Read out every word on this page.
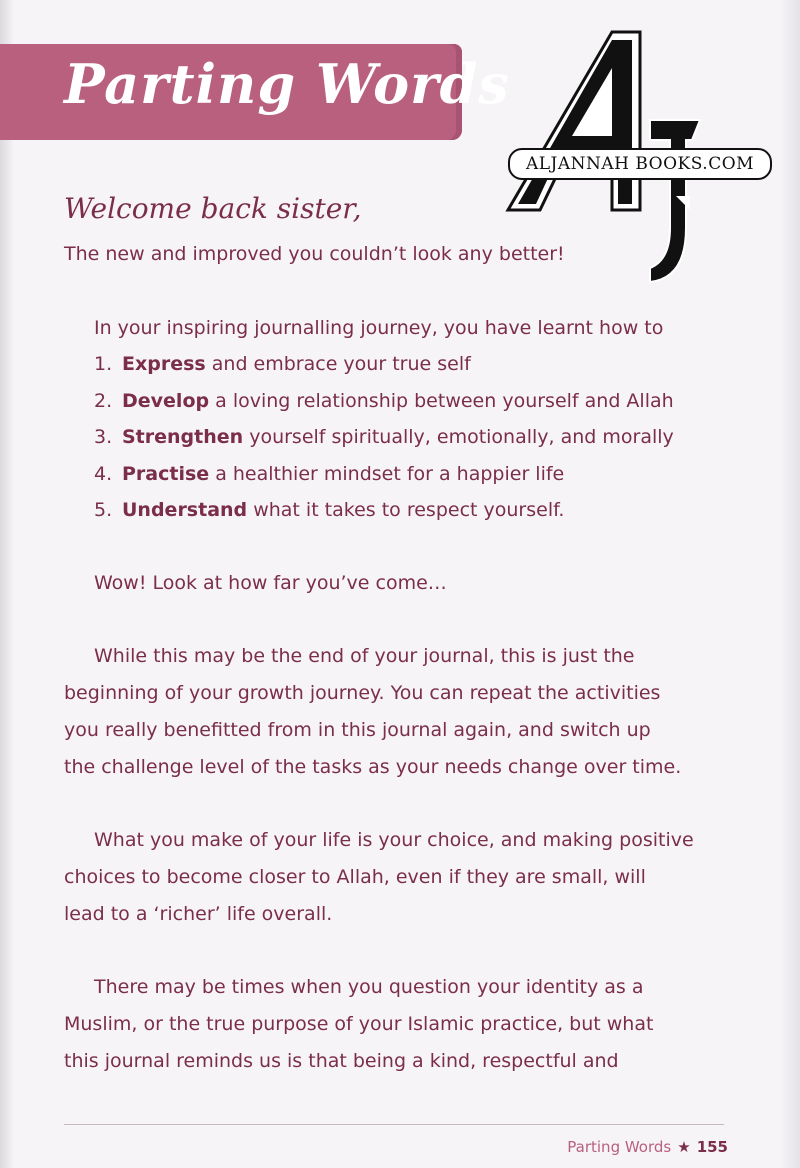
Parting Words
ALJANNAH BOOKS.COM
Welcome back sister,

The new and improved you couldn’t look any better!

In your inspiring journalling journey, you have learnt how to

1. Express and embrace your true self
2. Develop a loving relationship between yourself and Allah
3. Strengthen yourself spiritually, emotionally, and morally
4. Practise a healthier mindset for a happier life
5. Understand what it takes to respect yourself.

Wow! Look at how far you’ve come…

While this may be the end of your journal, this is just the

beginning of your growth journey. You can repeat the activities

you really benefitted from in this journal again, and switch up

the challenge level of the tasks as your needs change over time.

What you make of your life is your choice, and making positive

choices to become closer to Allah, even if they are small, will

lead to a ‘richer’ life overall.

There may be times when you question your identity as a

Muslim, or the true purpose of your Islamic practice, but what

this journal reminds us is that being a kind, respectful and

Parting Words ★ 155
